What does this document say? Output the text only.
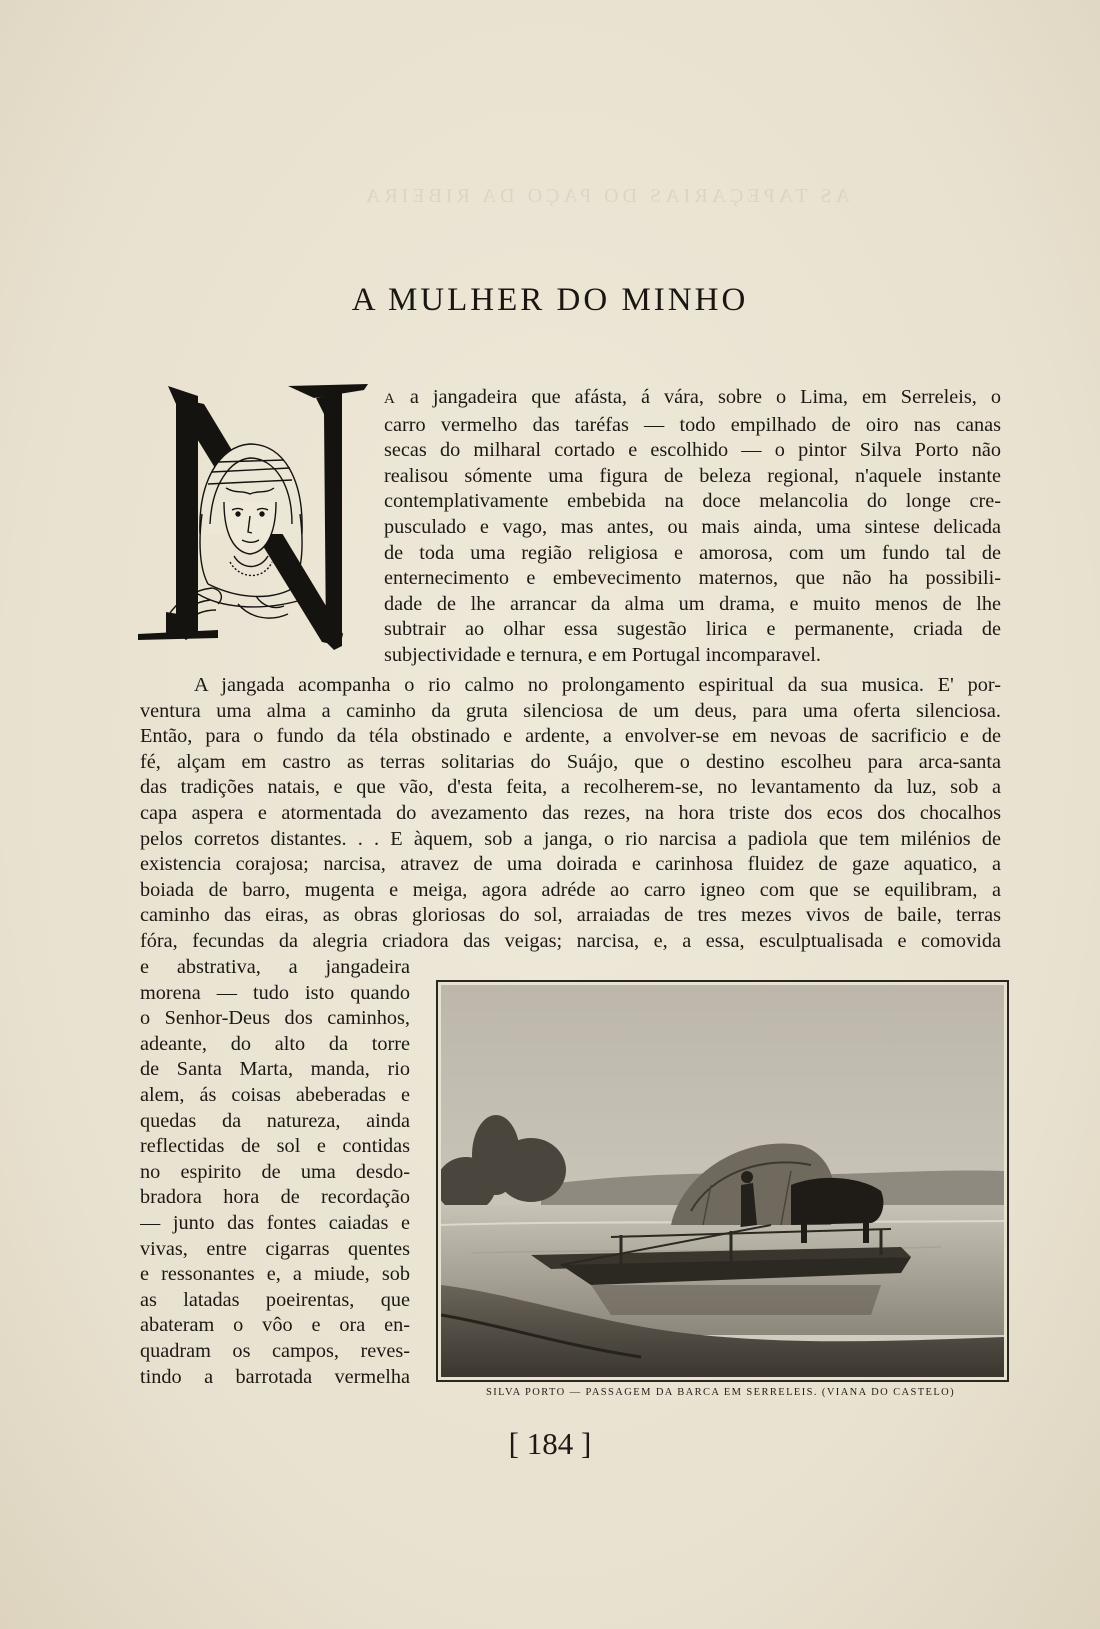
AS TAPEÇARIAS DO PAÇO DA RIBEIRA
A MULHER DO MINHO
A a jangadeira que afásta, á vára, sobre o Lima, em Serreleis, o
carro vermelho das taréfas — todo empilhado de oiro nas canas
secas do milharal cortado e escolhido — o pintor Silva Porto não
realisou sómente uma figura de beleza regional, n'aquele instante
contemplativamente embebida na doce melancolia do longe cre-
pusculado e vago, mas antes, ou mais ainda, uma sintese delicada
de toda uma região religiosa e amorosa, com um fundo tal de
enternecimento e embevecimento maternos, que não ha possibili-
dade de lhe arrancar da alma um drama, e muito menos de lhe
subtrair ao olhar essa sugestão lirica e permanente, criada de
subjectividade e ternura, e em Portugal incomparavel.
A jangada acompanha o rio calmo no prolongamento espiritual da sua musica. E' por-
ventura uma alma a caminho da gruta silenciosa de um deus, para uma oferta silenciosa.
Então, para o fundo da téla obstinado e ardente, a envolver-se em nevoas de sacrificio e de
fé, alçam em castro as terras solitarias do Suájo, que o destino escolheu para arca-santa
das tradições natais, e que vão, d'esta feita, a recolherem-se, no levantamento da luz, sob a
capa aspera e atormentada do avezamento das rezes, na hora triste dos ecos dos chocalhos
pelos corretos distantes. . . E àquem, sob a janga, o rio narcisa a padiola que tem milénios de
existencia corajosa; narcisa, atravez de uma doirada e carinhosa fluidez de gaze aquatico, a
boiada de barro, mugenta e meiga, agora adréde ao carro igneo com que se equilibram, a
caminho das eiras, as obras gloriosas do sol, arraiadas de tres mezes vivos de baile, terras
fóra, fecundas da alegria criadora das veigas; narcisa, e, a essa, esculptualisada e comovida
e abstrativa, a jangadeira
morena — tudo isto quando
o Senhor-Deus dos caminhos,
adeante, do alto da torre
de Santa Marta, manda, rio
alem, ás coisas abeberadas e
quedas da natureza, ainda
reflectidas de sol e contidas
no espirito de uma desdo-
bradora hora de recordação
— junto das fontes caiadas e
vivas, entre cigarras quentes
e ressonantes e, a miude, sob
as latadas poeirentas, que
abateram o vôo e ora en-
quadram os campos, reves-
tindo a barrotada vermelha
SILVA PORTO — PASSAGEM DA BARCA EM SERRELEIS. (VIANA DO CASTELO)
[ 184 ]
